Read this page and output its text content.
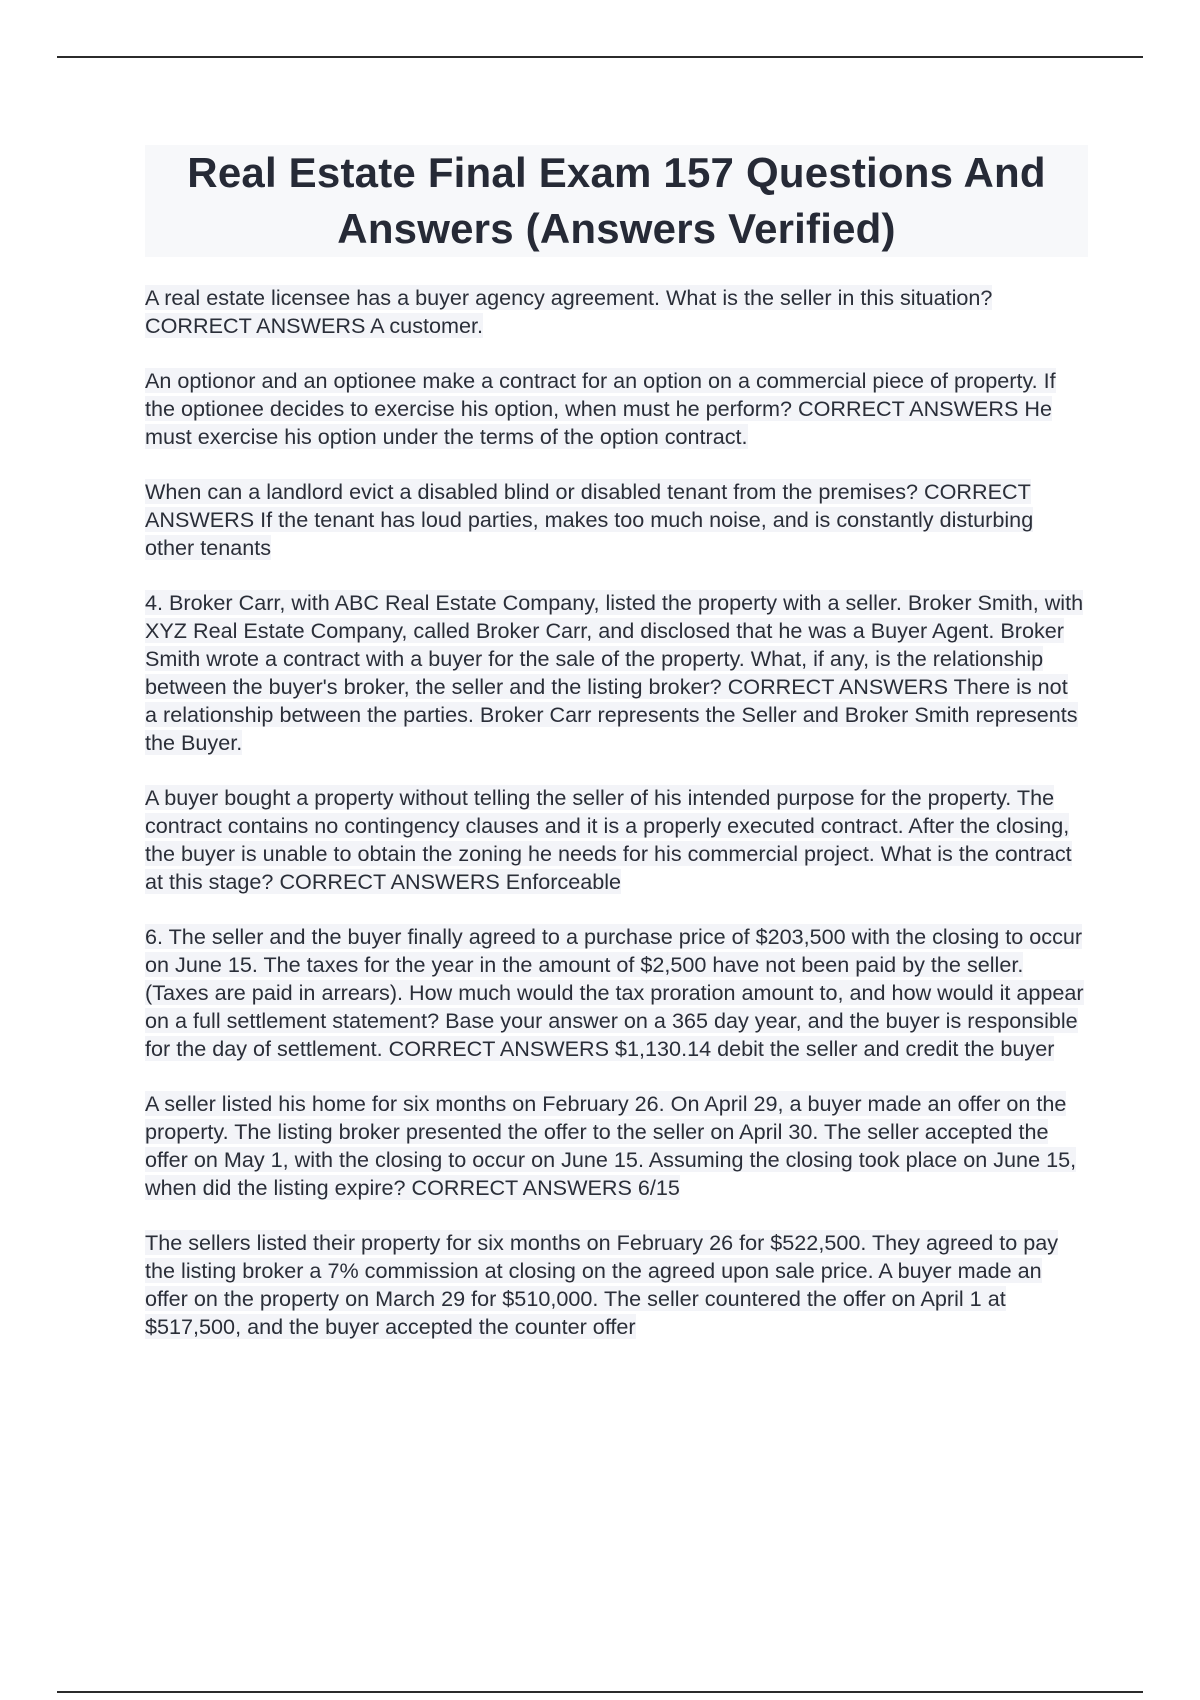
Real Estate Final Exam 157 Questions And Answers (Answers Verified)

A real estate licensee has a buyer agency agreement. What is the seller in this situation? CORRECT ANSWERS A customer.

An optionor and an optionee make a contract for an option on a commercial piece of property. If the optionee decides to exercise his option, when must he perform? CORRECT ANSWERS He must exercise his option under the terms of the option contract.

When can a landlord evict a disabled blind or disabled tenant from the premises? CORRECT ANSWERS If the tenant has loud parties, makes too much noise, and is constantly disturbing other tenants

4. Broker Carr, with ABC Real Estate Company, listed the property with a seller. Broker Smith, with XYZ Real Estate Company, called Broker Carr, and disclosed that he was a Buyer Agent. Broker Smith wrote a contract with a buyer for the sale of the property. What, if any, is the relationship between the buyer's broker, the seller and the listing broker? CORRECT ANSWERS There is not a relationship between the parties. Broker Carr represents the Seller and Broker Smith represents the Buyer.

A buyer bought a property without telling the seller of his intended purpose for the property. The contract contains no contingency clauses and it is a properly executed contract. After the closing, the buyer is unable to obtain the zoning he needs for his commercial project. What is the contract at this stage? CORRECT ANSWERS Enforceable

6. The seller and the buyer finally agreed to a purchase price of $203,500 with the closing to occur on June 15. The taxes for the year in the amount of $2,500 have not been paid by the seller. (Taxes are paid in arrears). How much would the tax proration amount to, and how would it appear on a full settlement statement? Base your answer on a 365 day year, and the buyer is responsible for the day of settlement. CORRECT ANSWERS $1,130.14 debit the seller and credit the buyer

A seller listed his home for six months on February 26. On April 29, a buyer made an offer on the property. The listing broker presented the offer to the seller on April 30. The seller accepted the offer on May 1, with the closing to occur on June 15. Assuming the closing took place on June 15, when did the listing expire? CORRECT ANSWERS 6/15

The sellers listed their property for six months on February 26 for $522,500. They agreed to pay the listing broker a 7% commission at closing on the agreed upon sale price. A buyer made an offer on the property on March 29 for $510,000. The seller countered the offer on April 1 at $517,500, and the buyer accepted the counter offer
